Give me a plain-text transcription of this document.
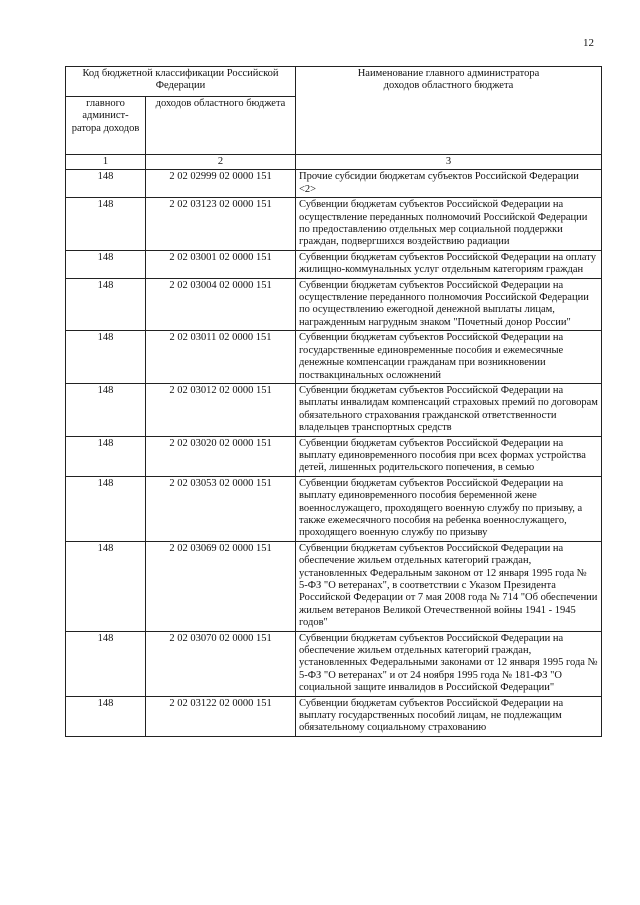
12
Код бюджетной классификации Российской Федерации		Наименование главного администратора доходов областного бюджета

главного админист-ратора доходов	доходов областного бюджета	
1	2	3
148	2 02 02999 02 0000 151	Прочие субсидии бюджетам субъектов Российской Федерации <2>
148	2 02 03123 02 0000 151	Субвенции бюджетам субъектов Российской Федерации на осуществление переданных полномочий Российской Федерации по предоставлению отдельных мер социальной поддержки граждан, подвергшихся воздействию радиации
148	2 02 03001 02 0000 151	Субвенции бюджетам субъектов Российской Федерации на оплату жилищно-коммунальных услуг отдельным категориям граждан
148	2 02 03004 02 0000 151	Субвенции бюджетам субъектов Российской Федерации на осуществление переданного полномочия Российской Федерации по осуществлению ежегодной денежной выплаты лицам, награжденным нагрудным знаком "Почетный донор России"
148	2 02 03011 02 0000 151	Субвенции бюджетам субъектов Российской Федерации на государственные единовременные пособия и ежемесячные денежные компенсации гражданам при возникновении поствакцинальных осложнений
148	2 02 03012 02 0000 151	Субвенции бюджетам субъектов Российской Федерации на выплаты инвалидам компенсаций страховых премий по договорам обязательного страхования гражданской ответственности владельцев транспортных средств
148	2 02 03020 02 0000 151	Субвенции бюджетам субъектов Российской Федерации на выплату единовременного пособия при всех формах устройства детей, лишенных родительского попечения, в семью
148	2 02 03053 02 0000 151	Субвенции бюджетам субъектов Российской Федерации на выплату единовременного пособия беременной жене военнослужащего, проходящего военную службу по призыву, а также ежемесячного пособия на ребенка военнослужащего, проходящего военную службу по призыву
148	2 02 03069 02 0000 151	Субвенции бюджетам субъектов Российской Федерации на обеспечение жильем отдельных категорий граждан, установленных Федеральным законом от 12 января 1995 года № 5-ФЗ "О ветеранах", в соответствии с Указом Президента Российской Федерации от 7 мая 2008 года № 714 "Об обеспечении жильем ветеранов Великой Отечественной войны 1941 - 1945 годов"
148	2 02 03070 02 0000 151	Субвенции бюджетам субъектов Российской Федерации на обеспечение жильем отдельных категорий граждан, установленных Федеральными законами от 12 января 1995 года № 5-ФЗ "О ветеранах" и от 24 ноября 1995 года № 181-ФЗ "О социальной защите инвалидов в Российской Федерации"
148	2 02 03122 02 0000 151	Субвенции бюджетам субъектов Российской Федерации на выплату государственных пособий лицам, не подлежащим обязательному социальному страхованию
